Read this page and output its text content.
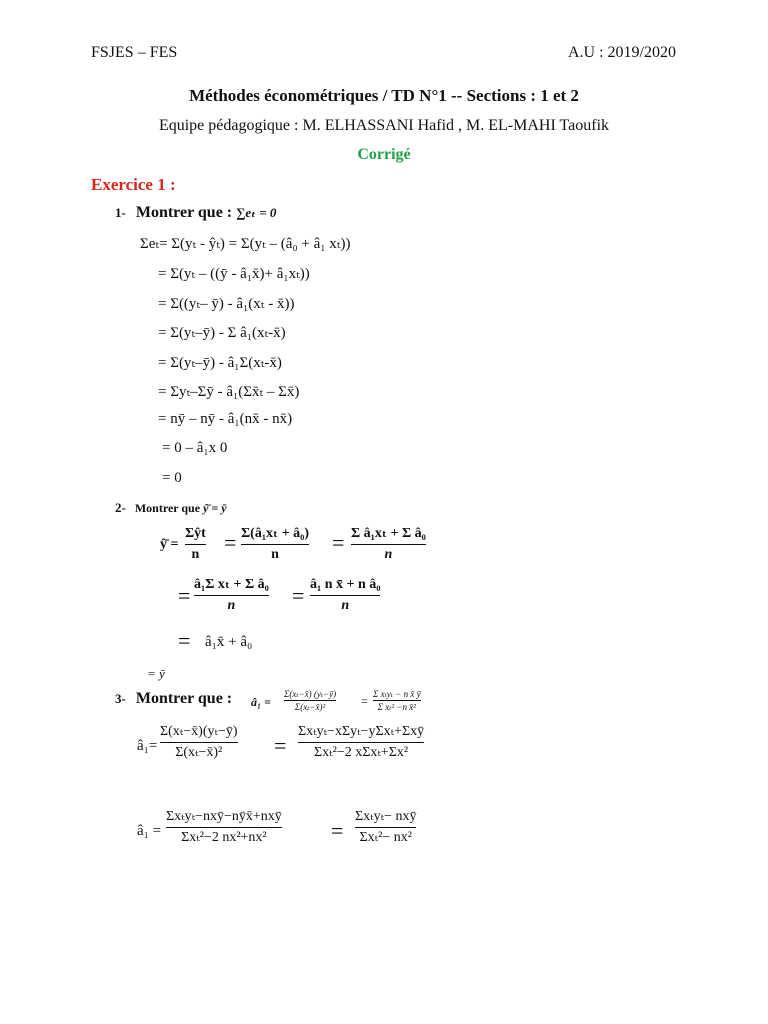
FSJES – FES	A.U : 2019/2020
Méthodes économétriques / TD N°1 -- Sections : 1 et 2
Equipe pédagogique : M. ELHASSANI Hafid , M. EL-MAHI Taoufik
Corrigé
Exercice 1 :
1- Montrer que : ∑eₜ = 0
Σeₜ= Σ(yₜ - ŷₜ) = Σ(yₜ – (â₀ + â₁ xₜ))
= Σ(yₜ – ((ȳ - â₁x̄)+ â₁xₜ))
= Σ((yₜ– ȳ) - â₁(xₜ - x̄))
= Σ(yₜ–ȳ) - Σ â₁(xₜ-x̄)
= Σ(yₜ–ȳ) - â₁Σ(xₜ-x̄)
= Σyₜ–Σȳ - â₁(Σx̄ₜ – Σx̄)
= nȳ – nȳ - â₁(nx̄ - nx̄)
= 0 – â₁x 0
= 0
2- Montrer que ŷ̄ = ȳ
ŷ̄ =
Σŷt
n = Σ(â₁xₜ + â₀)
n = Σ â₁xₜ + Σ â₀
n
= â₁Σ xₜ + Σ â₀
n	= â₁ n x̄ + n â₀
n
= â₁x̄ + â₀
= ȳ
3- Montrer que : â₁ =
Σ(xₜ−x̄) (yₜ−ȳ)
Σ(xₜ−x̄)²	= Σ xₜyₜ − n x̄ ȳ
Σ xₜ² −n x̄²
â₁=
Σ(xₜ−x̄)(yₜ−ȳ)
Σ(xₜ−x̄)² =
Σxₜyₜ−xΣyₜ−yΣxₜ+Σxȳ
Σxₜ²−2 xΣxₜ+Σx²
â₁ =
Σxₜyₜ−nxȳ−nȳx̄+nxȳ
Σxₜ²−2 nx²+nx²	=
Σxₜyₜ− nxȳ
Σxₜ²− nx²
